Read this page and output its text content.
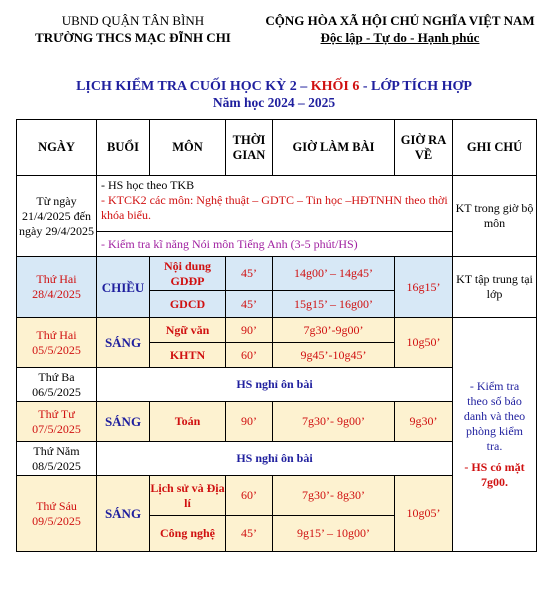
UBND QUẬN TÂN BÌNH
TRƯỜNG THCS MẠC ĐĨNH CHI
CỘNG HÒA XÃ HỘI CHỦ NGHĨA VIỆT NAM
Độc lập - Tự do - Hạnh phúc
LỊCH KIỂM TRA CUỐI HỌC KỲ 2 – KHỐI 6 - LỚP TÍCH HỢP
Năm học 2024 – 2025
NGÀY	BUỔI	MÔN	THỜI GIAN	GIỜ LÀM BÀI	GIỜ RA VỀ	GHI CHÚ
Từ ngày 21/4/2025 đến ngày 29/4/2025	- HS học theo TKB
- KTCK2 các môn: Nghệ thuật – GDTC – Tin học –HĐTNHN theo thời khóa biểu.					KT trong giờ bộ môn
	- Kiểm tra kĩ năng Nói môn Tiếng Anh (3-5 phút/HS)					
Thứ Hai 28/4/2025	CHIỀU	Nội dung GDĐP	45’	14g00’ – 14g45’	16g15’	KT tập trung tại lớp
		GDCD	45’	15g15’ – 16g00’		
Thứ Hai 05/5/2025	SÁNG	Ngữ văn	90’	7g30’-9g00’	10g50’	- Kiểm tra theo số báo danh và theo phòng kiểm tra.
- HS có mặt 7g00.

		KHTN	60’	9g45’-10g45’		
Thứ Ba 06/5/2025	HS nghỉ ôn bài					
Thứ Tư 07/5/2025	SÁNG	Toán	90’	7g30’- 9g00’	9g30’	
Thứ Năm 08/5/2025	HS nghỉ ôn bài					
Thứ Sáu 09/5/2025	SÁNG	Lịch sử và Địa lí	60’	7g30’- 8g30’	10g05’	
		Công nghệ	45’	9g15’ – 10g00’		
